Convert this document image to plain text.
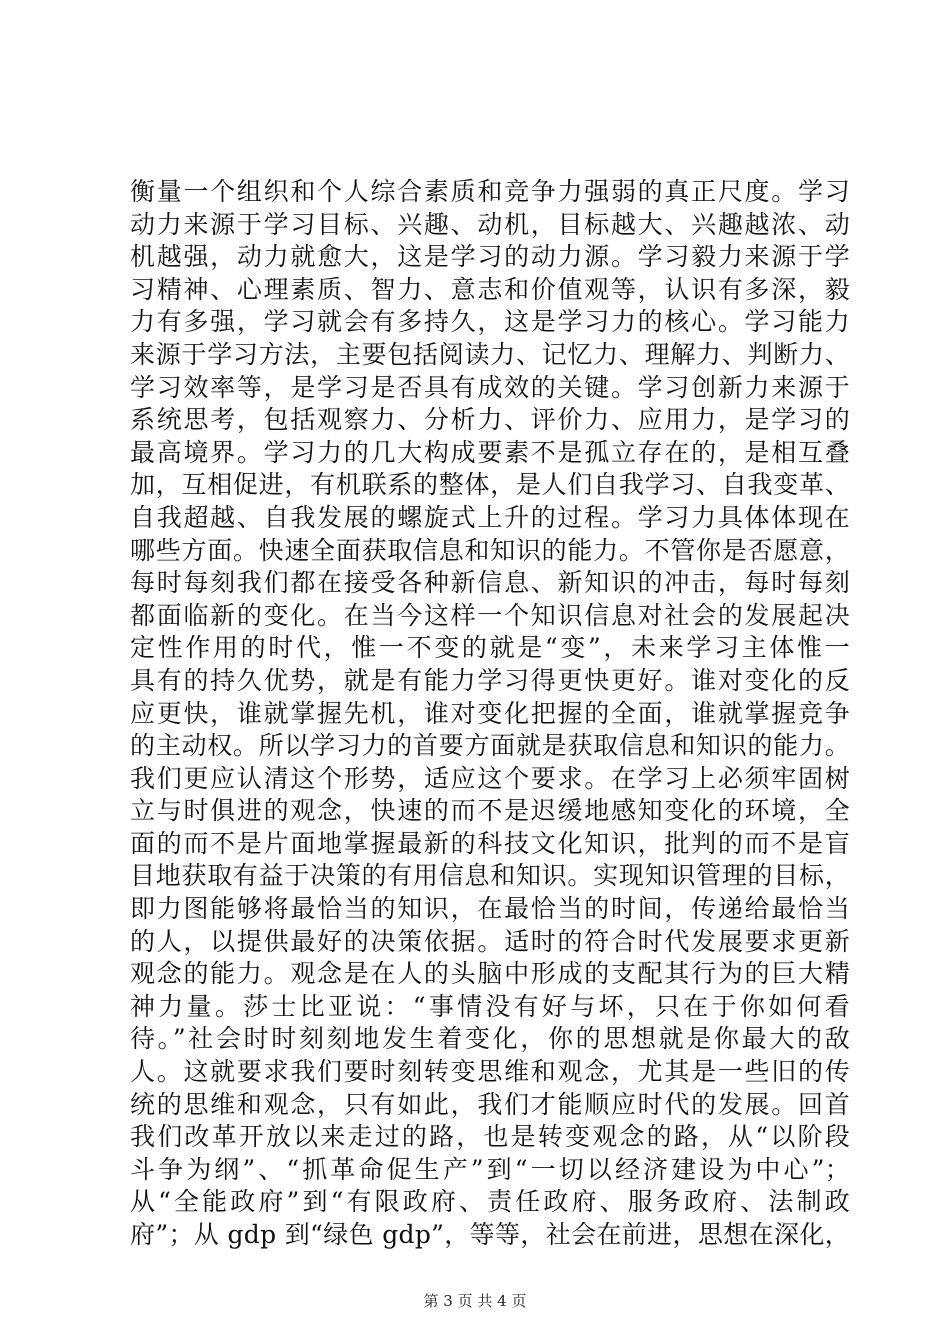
衡量一个组织和个人综合素质和竞争力强弱的真正尺度。学习
动力来源于学习目标、兴趣、动机，目标越大、兴趣越浓、动
机越强，动力就愈大，这是学习的动力源。学习毅力来源于学
习精神、心理素质、智力、意志和价值观等，认识有多深，毅
力有多强，学习就会有多持久，这是学习力的核心。学习能力
来源于学习方法，主要包括阅读力、记忆力、理解力、判断力、
学习效率等，是学习是否具有成效的关键。学习创新力来源于
系统思考，包括观察力、分析力、评价力、应用力，是学习的
最高境界。学习力的几大构成要素不是孤立存在的，是相互叠
加，互相促进，有机联系的整体，是人们自我学习、自我变革、
自我超越、自我发展的螺旋式上升的过程。学习力具体体现在
哪些方面。快速全面获取信息和知识的能力。不管你是否愿意，
每时每刻我们都在接受各种新信息、新知识的冲击，每时每刻
都面临新的变化。在当今这样一个知识信息对社会的发展起决
定性作用的时代，惟一不变的就是“变”，未来学习主体惟一
具有的持久优势，就是有能力学习得更快更好。谁对变化的反
应更快，谁就掌握先机，谁对变化把握的全面，谁就掌握竞争
的主动权。所以学习力的首要方面就是获取信息和知识的能力。
我们更应认清这个形势，适应这个要求。在学习上必须牢固树
立与时俱进的观念，快速的而不是迟缓地感知变化的环境，全
面的而不是片面地掌握最新的科技文化知识，批判的而不是盲
目地获取有益于决策的有用信息和知识。实现知识管理的目标，
即力图能够将最恰当的知识，在最恰当的时间，传递给最恰当
的人，以提供最好的决策依据。适时的符合时代发展要求更新
观念的能力。观念是在人的头脑中形成的支配其行为的巨大精
神力量。莎士比亚说：“事情没有好与坏，只在于你如何看
待。”社会时时刻刻地发生着变化，你的思想就是你最大的敌
人。这就要求我们要时刻转变思维和观念，尤其是一些旧的传
统的思维和观念，只有如此，我们才能顺应时代的发展。回首
我们改革开放以来走过的路，也是转变观念的路，从“以阶段
斗争为纲”、“抓革命促生产”到“一切以经济建设为中心”；
从“全能政府”到“有限政府、责任政府、服务政府、法制政
府”；从 gdp 到“绿色 gdp”，等等，社会在前进，思想在深化，
第 3 页 共 4 页
